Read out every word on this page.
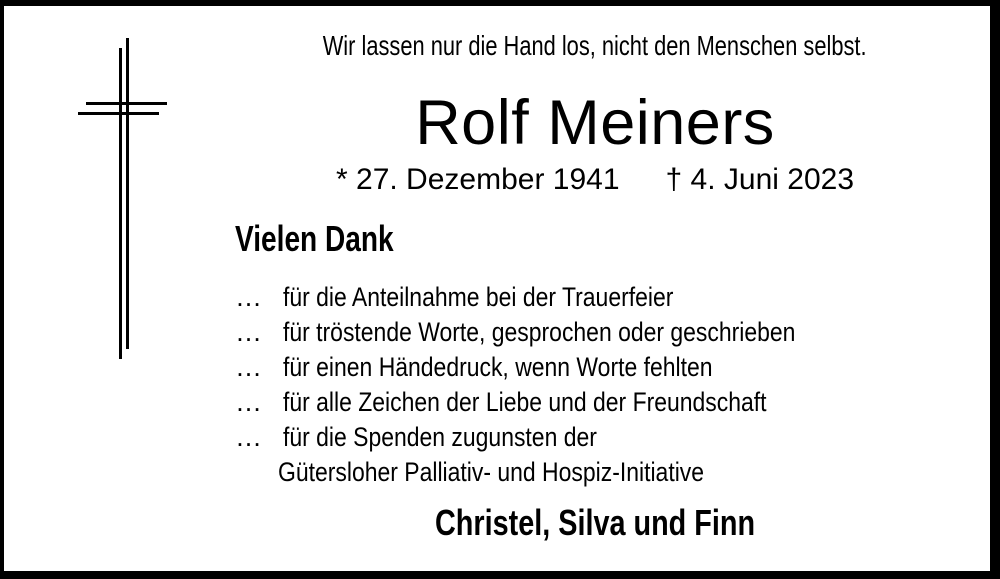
Wir lassen nur die Hand los, nicht den Menschen selbst.
Rolf Meiners
* 27. Dezember 1941 † 4. Juni 2023
Vielen Dank
… für die Anteilnahme bei der Trauerfeier
… für tröstende Worte, gesprochen oder geschrieben
… für einen Händedruck, wenn Worte fehlten
… für alle Zeichen der Liebe und der Freundschaft
… für die Spenden zugunsten der
Gütersloher Palliativ- und Hospiz-Initiative
Christel, Silva und Finn
